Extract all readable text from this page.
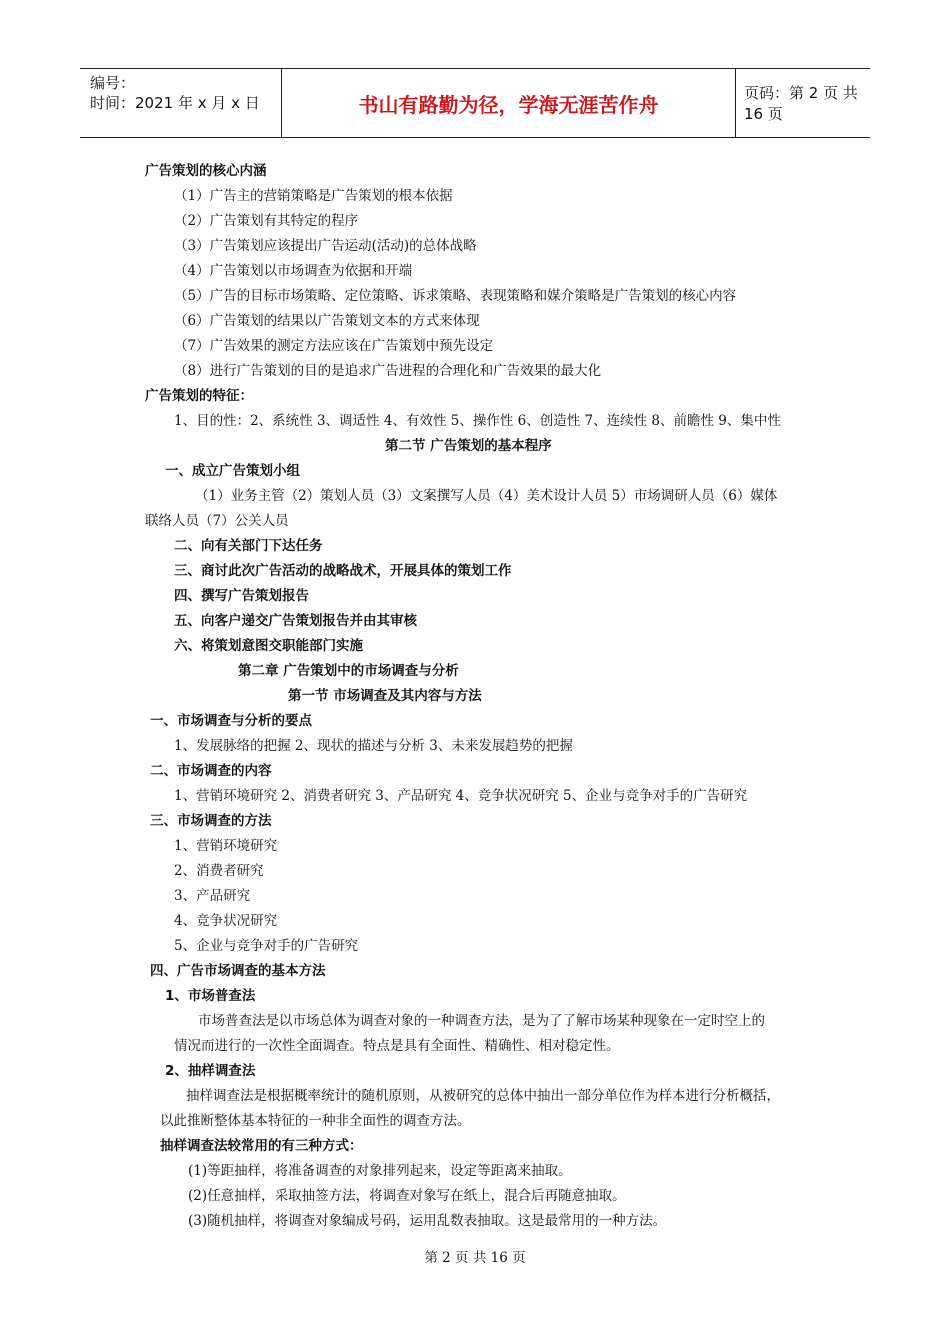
编号：
时间：2021 年 x 月 x 日	书山有路勤为径，学海无涯苦作舟	页码：第 2 页 共 16 页
广告策划的核心内涵
（1）广告主的营销策略是广告策划的根本依据
（2）广告策划有其特定的程序
（3）广告策划应该提出广告运动(活动)的总体战略
（4）广告策划以市场调查为依据和开端
（5）广告的目标市场策略、定位策略、诉求策略、表现策略和媒介策略是广告策划的核心内容
（6）广告策划的结果以广告策划文本的方式来体现
（7）广告效果的测定方法应该在广告策划中预先设定
（8）进行广告策划的目的是追求广告进程的合理化和广告效果的最大化
广告策划的特征：
1、目的性：2、系统性 3、调适性 4、有效性 5、操作性 6、创造性 7、连续性 8、前瞻性 9、集中性
第二节 广告策划的基本程序
一、成立广告策划小组
（1）业务主管（2）策划人员（3）文案撰写人员（4）美术设计人员 5）市场调研人员（6）媒体
联络人员（7）公关人员
二、向有关部门下达任务
三、商讨此次广告活动的战略战术，开展具体的策划工作
四、撰写广告策划报告
五、向客户递交广告策划报告并由其审核
六、将策划意图交职能部门实施
第二章 广告策划中的市场调查与分析
第一节 市场调查及其内容与方法
一、市场调查与分析的要点
1、发展脉络的把握 2、现状的描述与分析 3、未来发展趋势的把握
二、市场调查的内容
1、营销环境研究 2、消费者研究 3、产品研究 4、竞争状况研究 5、企业与竞争对手的广告研究
三、市场调查的方法
1、营销环境研究
2、消费者研究
3、产品研究
4、竞争状况研究
5、企业与竞争对手的广告研究
四、广告市场调查的基本方法
1、市场普查法
市场普查法是以市场总体为调查对象的一种调查方法，是为了了解市场某种现象在一定时空上的
情况而进行的一次性全面调查。特点是具有全面性、精确性、相对稳定性。
2、抽样调查法
抽样调查法是根据概率统计的随机原则，从被研究的总体中抽出一部分单位作为样本进行分析概括，
以此推断整体基本特征的一种非全面性的调查方法。
抽样调查法较常用的有三种方式：
(1)等距抽样，将准备调查的对象排列起来，设定等距离来抽取。
(2)任意抽样，采取抽签方法，将调查对象写在纸上，混合后再随意抽取。
(3)随机抽样，将调查对象编成号码，运用乱数表抽取。这是最常用的一种方法。
第 2 页 共 16 页
